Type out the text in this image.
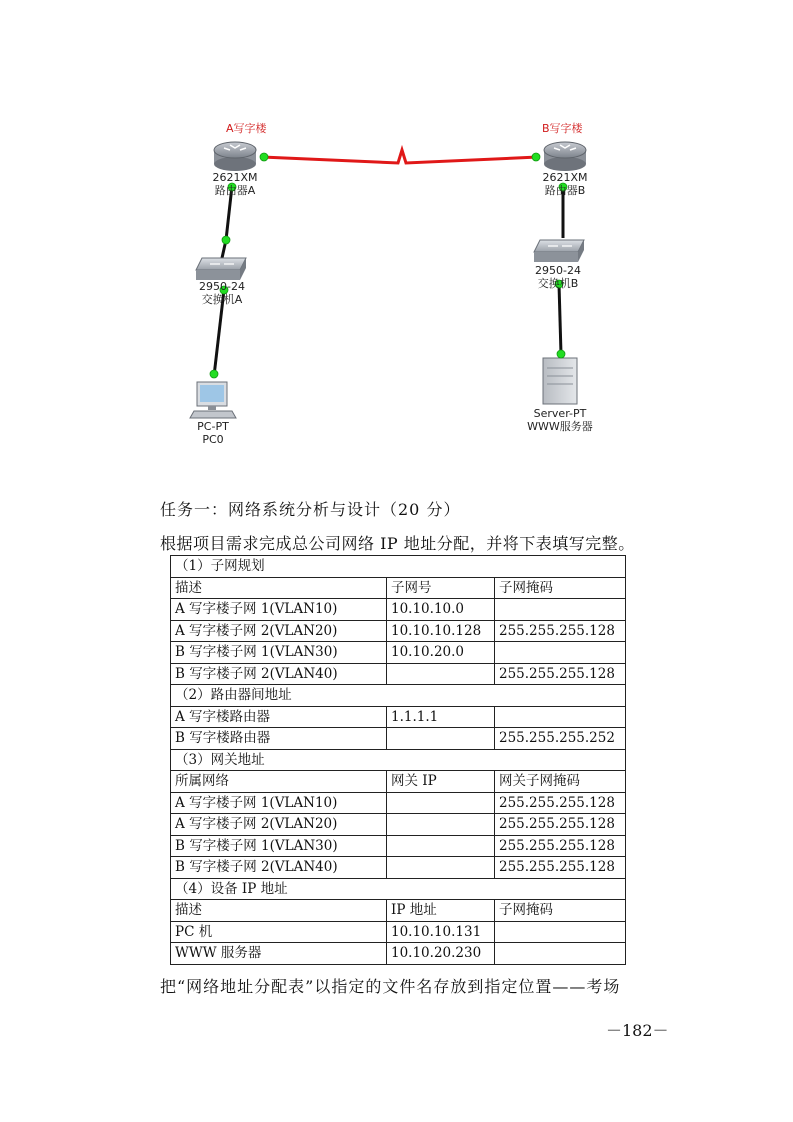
A写字楼	B写字楼
2621XM
路由器A
2621XM
路由器B
2950-24
交换机A
2950-24
交换机B
PC-PT
PC0
Server-PT
WWW服务器
任务一：网络系统分析与设计（20 分）
根据项目需求完成总公司网络 IP 地址分配，并将下表填写完整。
（1）子网规划		
描述	子网号	子网掩码
A 写字楼子网 1(VLAN10)	10.10.10.0	
A 写字楼子网 2(VLAN20)	10.10.10.128	255.255.255.128
B 写字楼子网 1(VLAN30)	10.10.20.0	
B 写字楼子网 2(VLAN40)		255.255.255.128
（2）路由器间地址		
A 写字楼路由器	1.1.1.1	
B 写字楼路由器		255.255.255.252
（3）网关地址		
所属网络	网关 IP	网关子网掩码
A 写字楼子网 1(VLAN10)		255.255.255.128
A 写字楼子网 2(VLAN20)		255.255.255.128
B 写字楼子网 1(VLAN30)		255.255.255.128
B 写字楼子网 2(VLAN40)		255.255.255.128
（4）设备 IP 地址		
描述	IP 地址	子网掩码
PC 机	10.10.10.131	
WWW 服务器	10.10.20.230	
把“网络地址分配表”以指定的文件名存放到指定位置——考场
－182－
